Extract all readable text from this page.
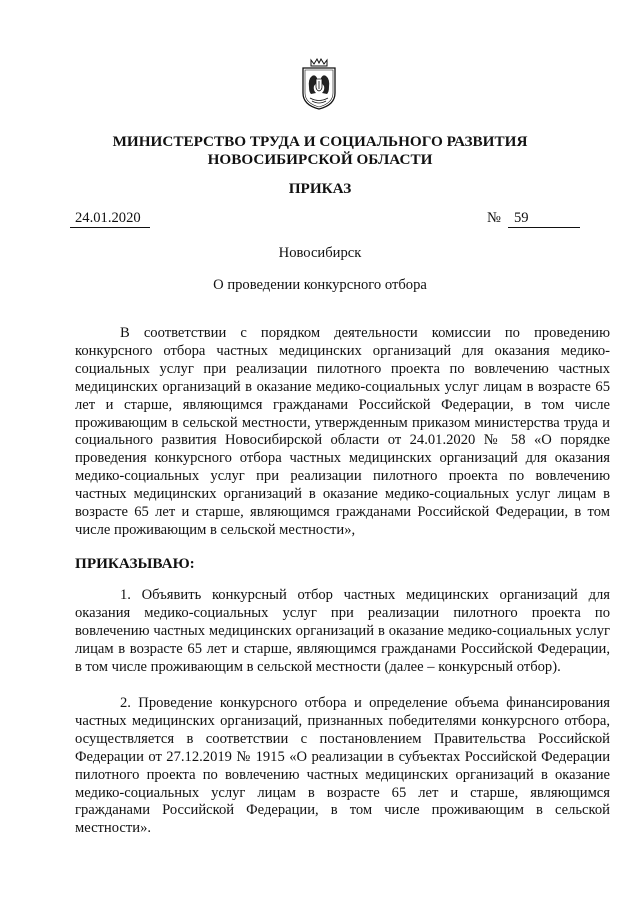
МИНИСТЕРСТВО ТРУДА И СОЦИАЛЬНОГО РАЗВИТИЯ
НОВОСИБИРСКОЙ ОБЛАСТИ
ПРИКАЗ
24.01.2020	№ 59
Новосибирск
О проведении конкурсного отбора

В соответствии с порядком деятельности комиссии по проведению конкурсного отбора частных медицинских организаций для оказания медико-социальных услуг при реализации пилотного проекта по вовлечению частных медицинских организаций в оказание медико-социальных услуг лицам в возрасте 65 лет и старше, являющимся гражданами Российской Федерации, в том числе проживающим в сельской местности, утвержденным приказом министерства труда и социального развития Новосибирской области от 24.01.2020 № 58 «О порядке проведения конкурсного отбора частных медицинских организаций для оказания медико-социальных услуг при реализации пилотного проекта по вовлечению частных медицинских организаций в оказание медико-социальных услуг лицам в возрасте 65 лет и старше, являющимся гражданами Российской Федерации, в том числе проживающим в сельской местности»,

ПРИКАЗЫВАЮ:

1. Объявить конкурсный отбор частных медицинских организаций для оказания медико-социальных услуг при реализации пилотного проекта по вовлечению частных медицинских организаций в оказание медико-социальных услуг лицам в возрасте 65 лет и старше, являющимся гражданами Российской Федерации, в том числе проживающим в сельской местности (далее – конкурсный отбор).

2. Проведение конкурсного отбора и определение объема финансирования частных медицинских организаций, признанных победителями конкурсного отбора, осуществляется в соответствии с постановлением Правительства Российской Федерации от 27.12.2019 № 1915 «О реализации в субъектах Российской Федерации пилотного проекта по вовлечению частных медицинских организаций в оказание медико-социальных услуг лицам в возрасте 65 лет и старше, являющимся гражданами Российской Федерации, в том числе проживающим в сельской местности».
